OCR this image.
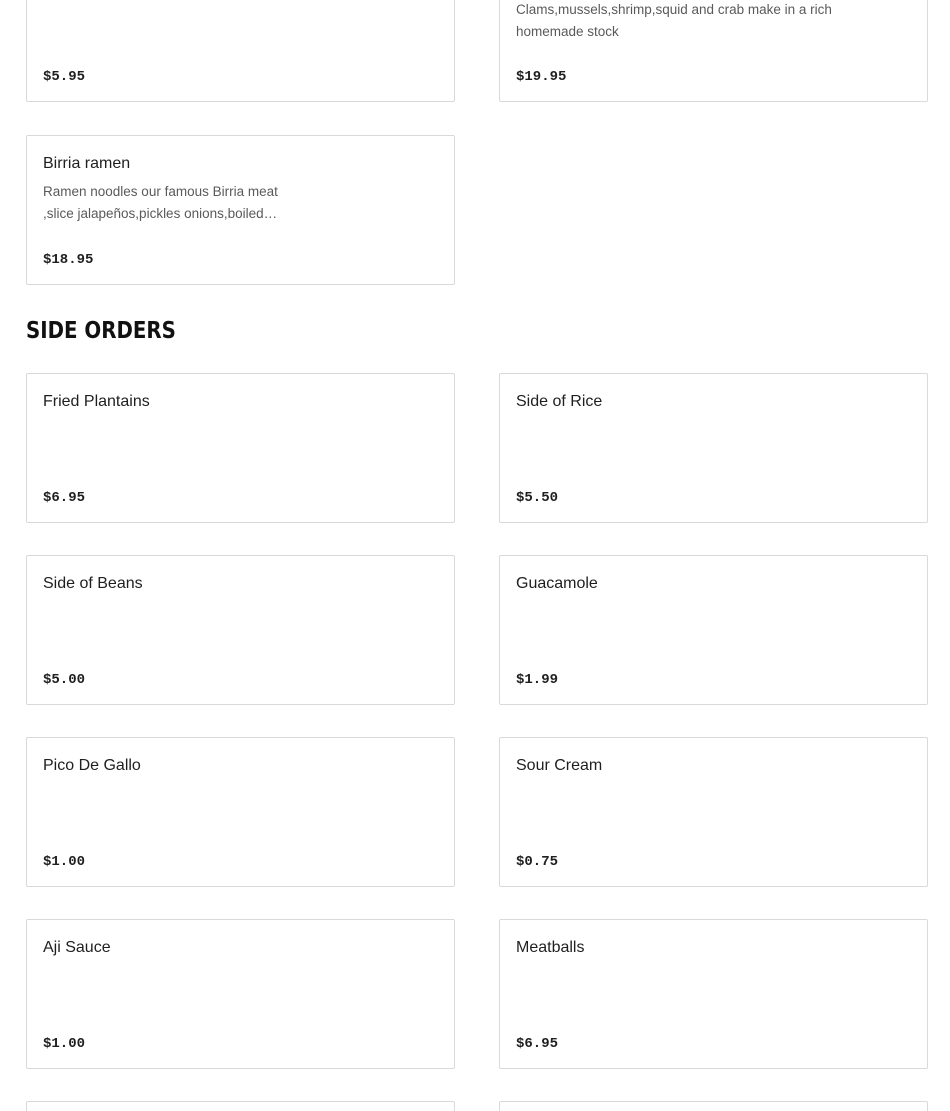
$5.95
Clams,mussels,shrimp,squid and crab make in a rich homemade stock
$19.95
Birria ramen
Ramen noodles our famous Birria meat ,slice jalapeños,pickles onions,boiled…
$18.95
SIDE ORDERS
Fried Plantains
$6.95
Side of Rice
$5.50
Side of Beans
$5.00
Guacamole
$1.99
Pico De Gallo
$1.00
Sour Cream
$0.75
Aji Sauce
$1.00
Meatballs
$6.95
